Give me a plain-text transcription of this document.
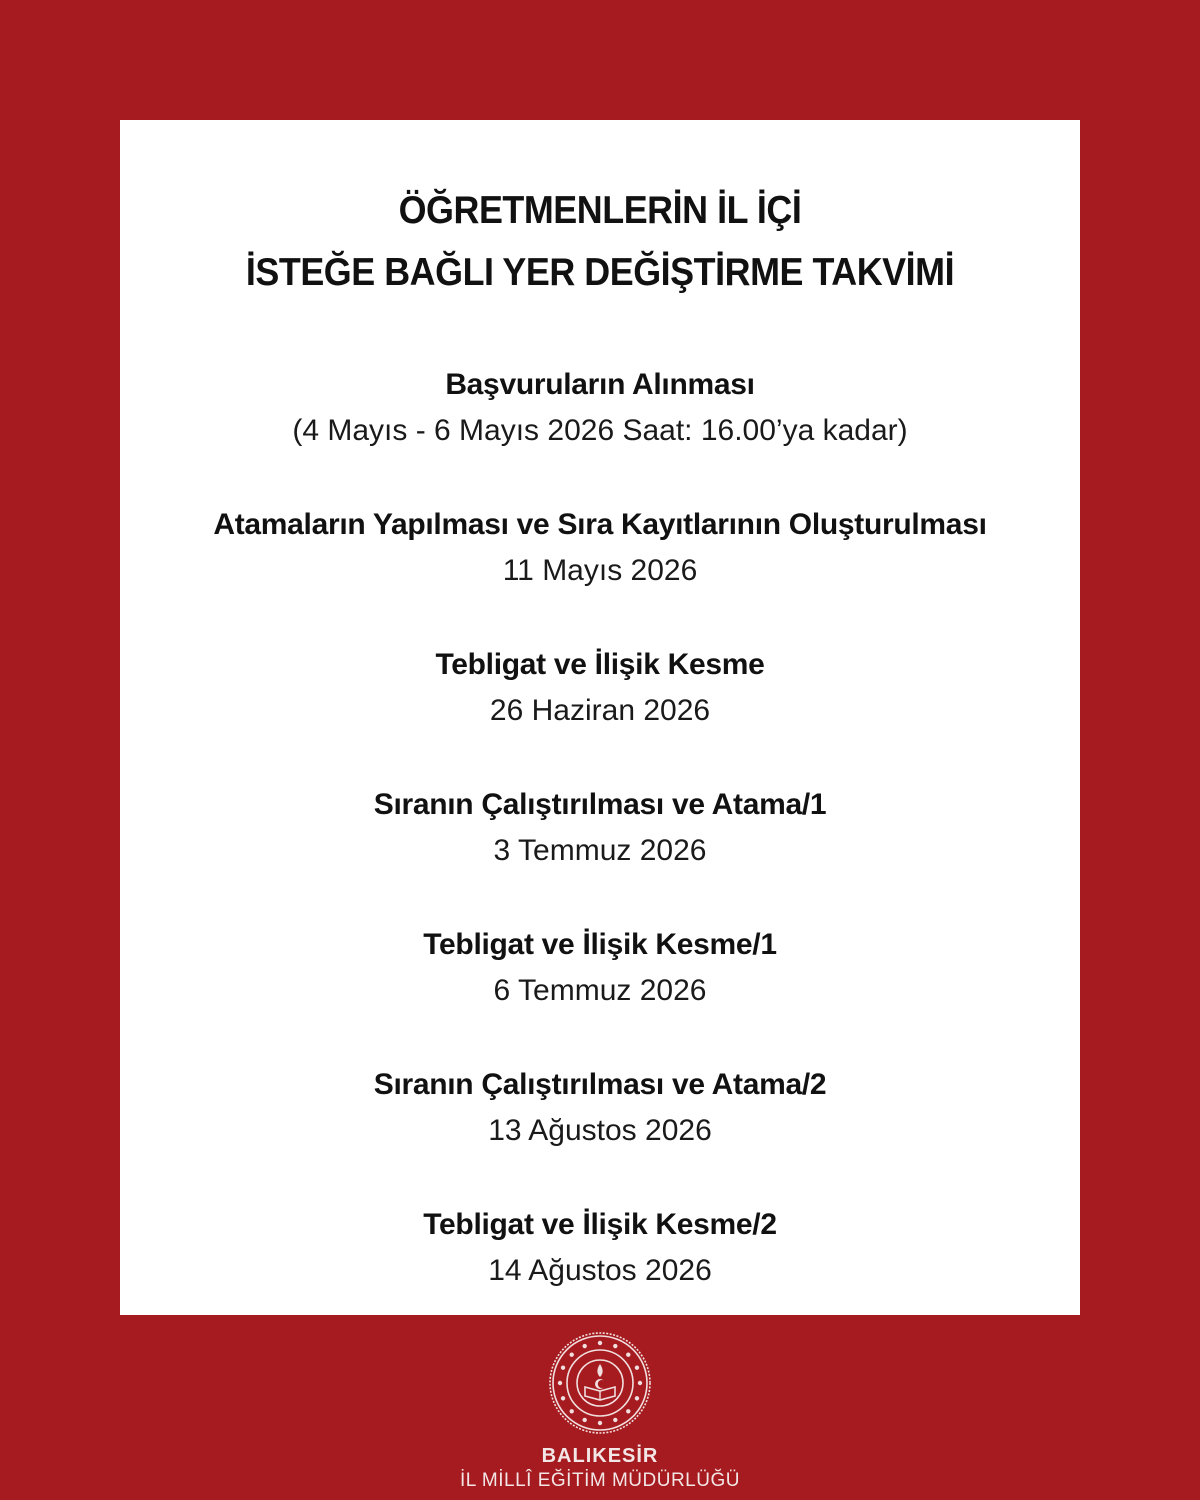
ÖĞRETMENLERİN İL İÇİ
İSTEĞE BAĞLI YER DEĞİŞTİRME TAKVİMİ
Başvuruların Alınması
(4 Mayıs - 6 Mayıs 2026 Saat: 16.00’ya kadar)
Atamaların Yapılması ve Sıra Kayıtlarının Oluşturulması
11 Mayıs 2026
Tebligat ve İlişik Kesme
26 Haziran 2026
Sıranın Çalıştırılması ve Atama/1
3 Temmuz 2026
Tebligat ve İlişik Kesme/1
6 Temmuz 2026
Sıranın Çalıştırılması ve Atama/2
13 Ağustos 2026
Tebligat ve İlişik Kesme/2
14 Ağustos 2026
BALIKESİR
İL MİLLÎ EĞİTİM MÜDÜRLÜĞÜ
